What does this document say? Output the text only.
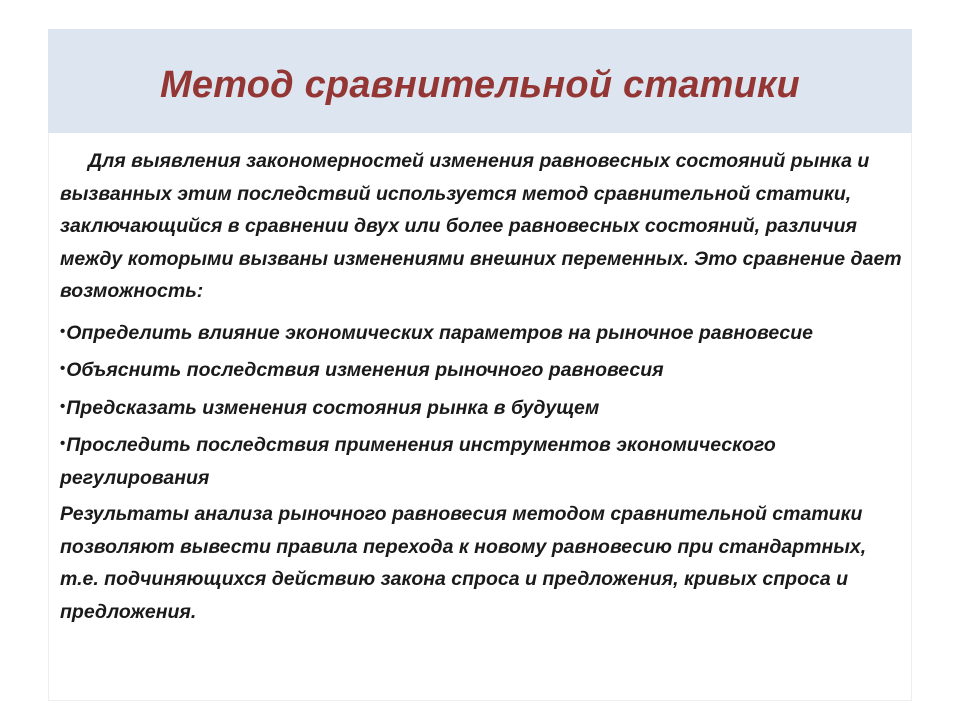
Метод сравнительной статики

Для выявления закономерностей изменения равновесных состояний рынка и вызванных этим последствий используется метод сравнительной статики, заключающийся в сравнении двух или более равновесных состояний, различия между которыми вызваны изменениями внешних переменных. Это сравнение дает возможность:

•Определить влияние экономических параметров на рыночное равновесие
•Объяснить последствия изменения рыночного равновесия
•Предсказать изменения состояния рынка в будущем
•Проследить последствия применения инструментов экономического регулирования

Результаты анализа рыночного равновесия методом сравнительной статики позволяют вывести правила перехода к новому равновесию при стандартных, т.е. подчиняющихся действию закона спроса и предложения, кривых спроса и предложения.
